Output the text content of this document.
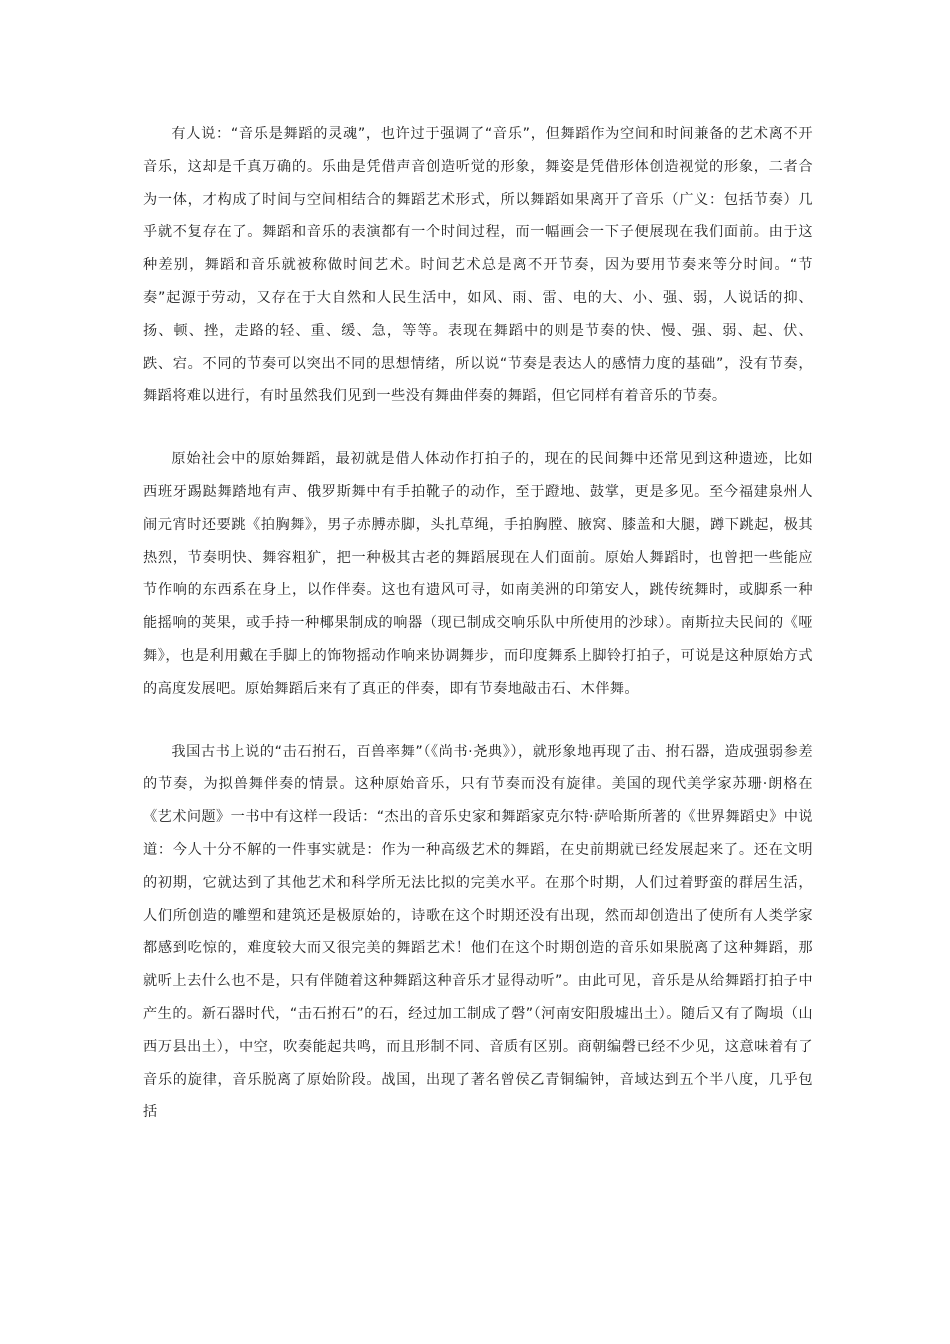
有人说：“音乐是舞蹈的灵魂”，也许过于强调了“音乐”，但舞蹈作为空间和时间兼备的艺术离不开音乐，这却是千真万确的。乐曲是凭借声音创造听觉的形象，舞姿是凭借形体创造视觉的形象，二者合为一体，才构成了时间与空间相结合的舞蹈艺术形式，所以舞蹈如果离开了音乐（广义：包括节奏）几乎就不复存在了。舞蹈和音乐的表演都有一个时间过程，而一幅画会一下子便展现在我们面前。由于这种差别，舞蹈和音乐就被称做时间艺术。时间艺术总是离不开节奏，因为要用节奏来等分时间。“节奏”起源于劳动，又存在于大自然和人民生活中，如风、雨、雷、电的大、小、强、弱，人说话的抑、扬、顿、挫，走路的轻、重、缓、急，等等。表现在舞蹈中的则是节奏的快、慢、强、弱、起、伏、跌、宕。不同的节奏可以突出不同的思想情绪，所以说“节奏是表达人的感情力度的基础”，没有节奏，舞蹈将难以进行，有时虽然我们见到一些没有舞曲伴奏的舞蹈，但它同样有着音乐的节奏。

原始社会中的原始舞蹈，最初就是借人体动作打拍子的，现在的民间舞中还常见到这种遗迹，比如西班牙踢跶舞踏地有声、俄罗斯舞中有手拍靴子的动作，至于蹬地、鼓掌，更是多见。至今福建泉州人闹元宵时还要跳《拍胸舞》，男子赤膊赤脚，头扎草绳，手拍胸膛、腋窝、膝盖和大腿，蹲下跳起，极其热烈，节奏明快、舞容粗犷，把一种极其古老的舞蹈展现在人们面前。原始人舞蹈时，也曾把一些能应节作响的东西系在身上，以作伴奏。这也有遗风可寻，如南美洲的印第安人，跳传统舞时，或脚系一种能摇响的荚果，或手持一种椰果制成的响器（现已制成交响乐队中所使用的沙球）。南斯拉夫民间的《哑舞》，也是利用戴在手脚上的饰物摇动作响来协调舞步，而印度舞系上脚铃打拍子，可说是这种原始方式的高度发展吧。原始舞蹈后来有了真正的伴奏，即有节奏地敲击石、木伴舞。

我国古书上说的“击石拊石，百兽率舞”（《尚书·尧典》），就形象地再现了击、拊石器，造成强弱参差的节奏，为拟兽舞伴奏的情景。这种原始音乐，只有节奏而没有旋律。美国的现代美学家苏珊·朗格在《艺术问题》一书中有这样一段话：“杰出的音乐史家和舞蹈家克尔特·萨哈斯所著的《世界舞蹈史》中说道：今人十分不解的一件事实就是：作为一种高级艺术的舞蹈，在史前期就已经发展起来了。还在文明的初期，它就达到了其他艺术和科学所无法比拟的完美水平。在那个时期，人们过着野蛮的群居生活，人们所创造的雕塑和建筑还是极原始的，诗歌在这个时期还没有出现，然而却创造出了使所有人类学家都感到吃惊的，难度较大而又很完美的舞蹈艺术！他们在这个时期创造的音乐如果脱离了这种舞蹈，那就听上去什么也不是，只有伴随着这种舞蹈这种音乐才显得动听”。由此可见，音乐是从给舞蹈打拍子中产生的。新石器时代，“击石拊石”的石，经过加工制成了磬”（河南安阳殷墟出土）。随后又有了陶埙（山西万县出土），中空，吹奏能起共鸣，而且形制不同、音质有区别。商朝编磬已经不少见，这意味着有了音乐的旋律，音乐脱离了原始阶段。战国，出现了著名曾侯乙青铜编钟，音域达到五个半八度，几乎包括
